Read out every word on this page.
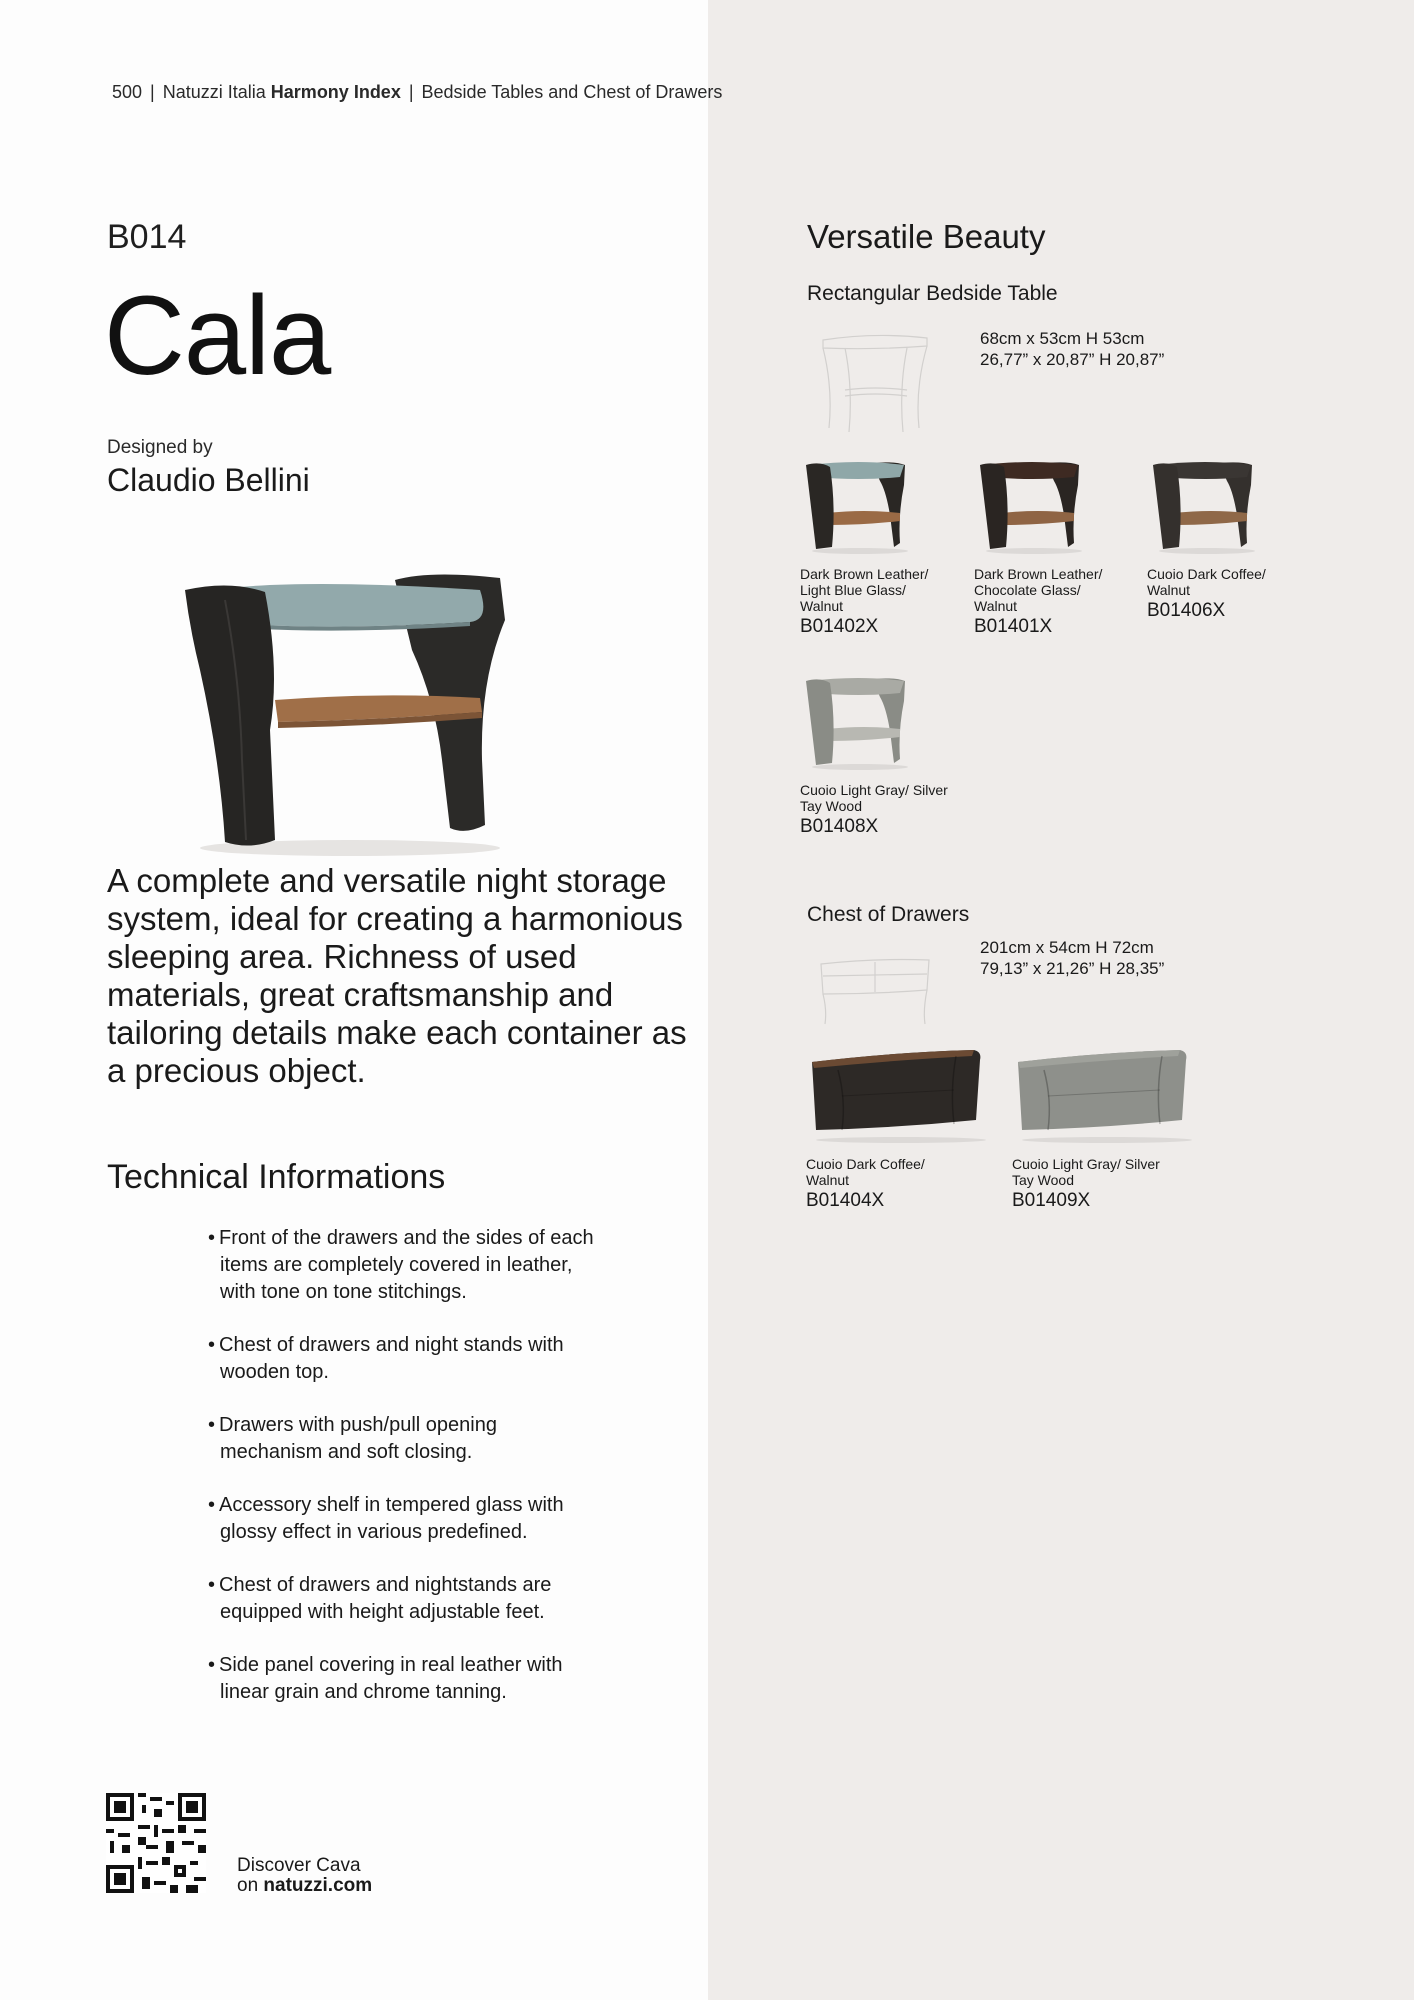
500 | Natuzzi Italia Harmony Index | Bedside Tables and Chest of Drawers
B014
Cala
Designed by
Claudio Bellini
A complete and versatile night storage system, ideal for creating a harmonious sleeping area. Richness of used materials, great craftsmanship and tailoring details make each container as a precious object.
Technical Informations
• Front of the drawers and the sides of each items are completely covered in leather, with tone on tone stitchings.
• Chest of drawers and night stands with wooden top.
• Drawers with push/pull opening mechanism and soft closing.
• Accessory shelf in tempered glass with glossy effect in various predefined.
• Chest of drawers and nightstands are equipped with height adjustable feet.
• Side panel covering in real leather with linear grain and chrome tanning.
Discover Cava
on natuzzi.com
Versatile Beauty
Rectangular Bedside Table
68cm x 53cm H 53cm
26,77” x 20,87” H 20,87”
Dark Brown Leather/ Light Blue Glass/ Walnut
B01402X
Dark Brown Leather/ Chocolate Glass/ Walnut
B01401X
Cuoio Dark Coffee/ Walnut
B01406X
Cuoio Light Gray/ Silver Tay Wood
B01408X
Chest of Drawers
201cm x 54cm H 72cm
79,13” x 21,26” H 28,35”
Cuoio Dark Coffee/ Walnut
B01404X
Cuoio Light Gray/ Silver Tay Wood
B01409X
